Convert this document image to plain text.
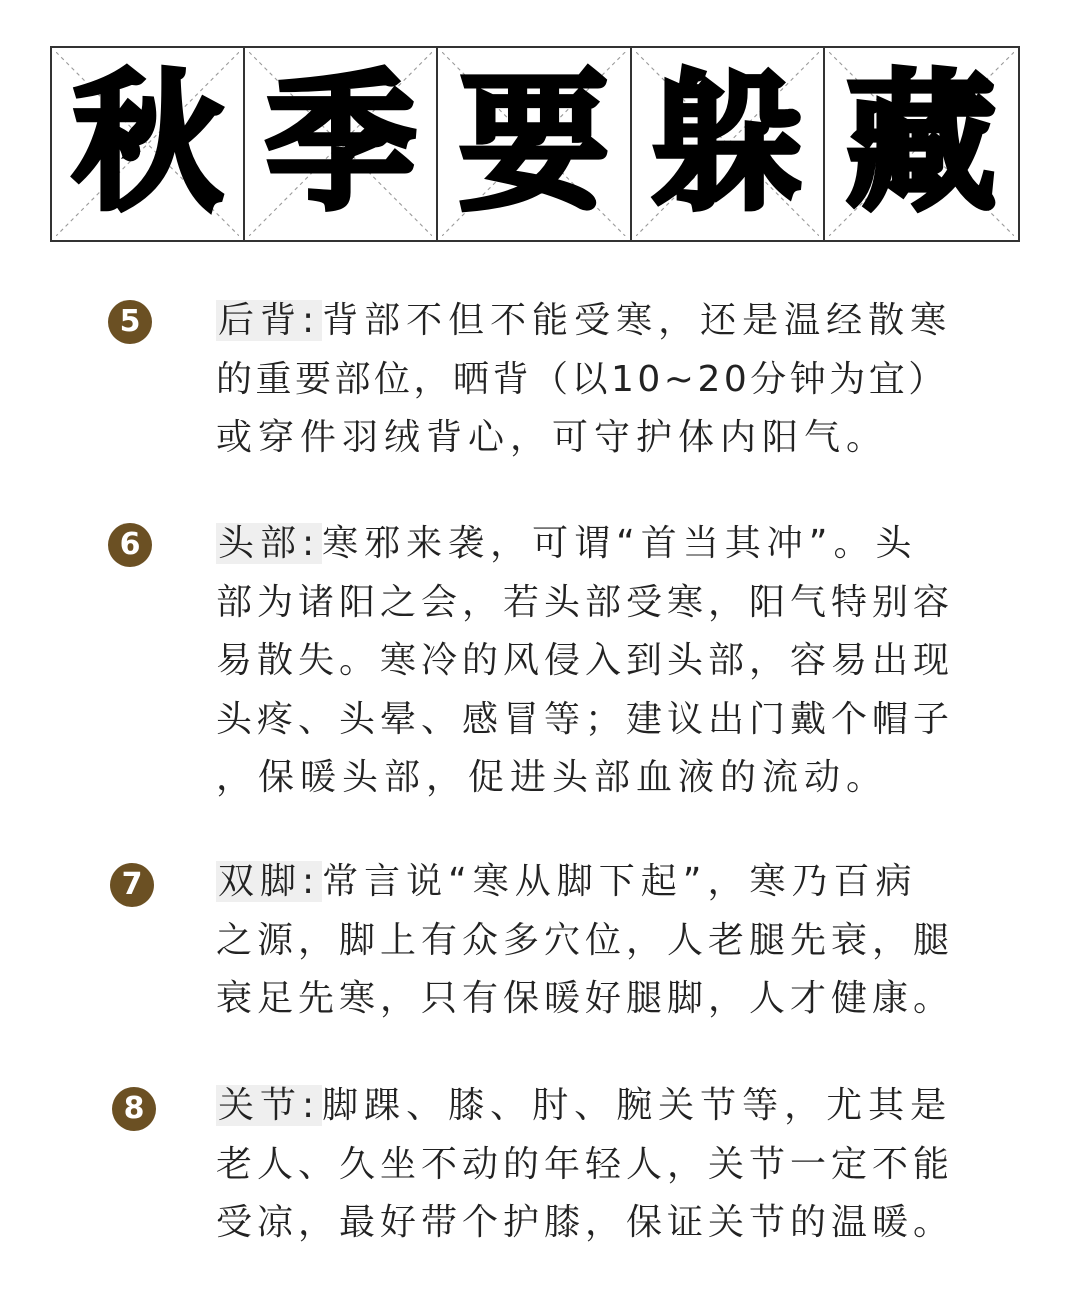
秋 季 要 躲 藏
5	后背:背部不但不能受寒，还是温经散寒
的重要部位，晒背（以10~20分钟为宜）
或穿件羽绒背心，可守护体内阳气。

6	头部:寒邪来袭，可谓“首当其冲”。头
部为诸阳之会，若头部受寒，阳气特别容
易散失。寒冷的风侵入到头部，容易出现
头疼、头晕、感冒等；建议出门戴个帽子
，保暖头部，促进头部血液的流动。

7	双脚:常言说“寒从脚下起”，寒乃百病
之源，脚上有众多穴位，人老腿先衰，腿
衰足先寒，只有保暖好腿脚，人才健康。

8	关节:脚踝、膝、肘、腕关节等，尤其是
老人、久坐不动的年轻人，关节一定不能
受凉，最好带个护膝，保证关节的温暖。
